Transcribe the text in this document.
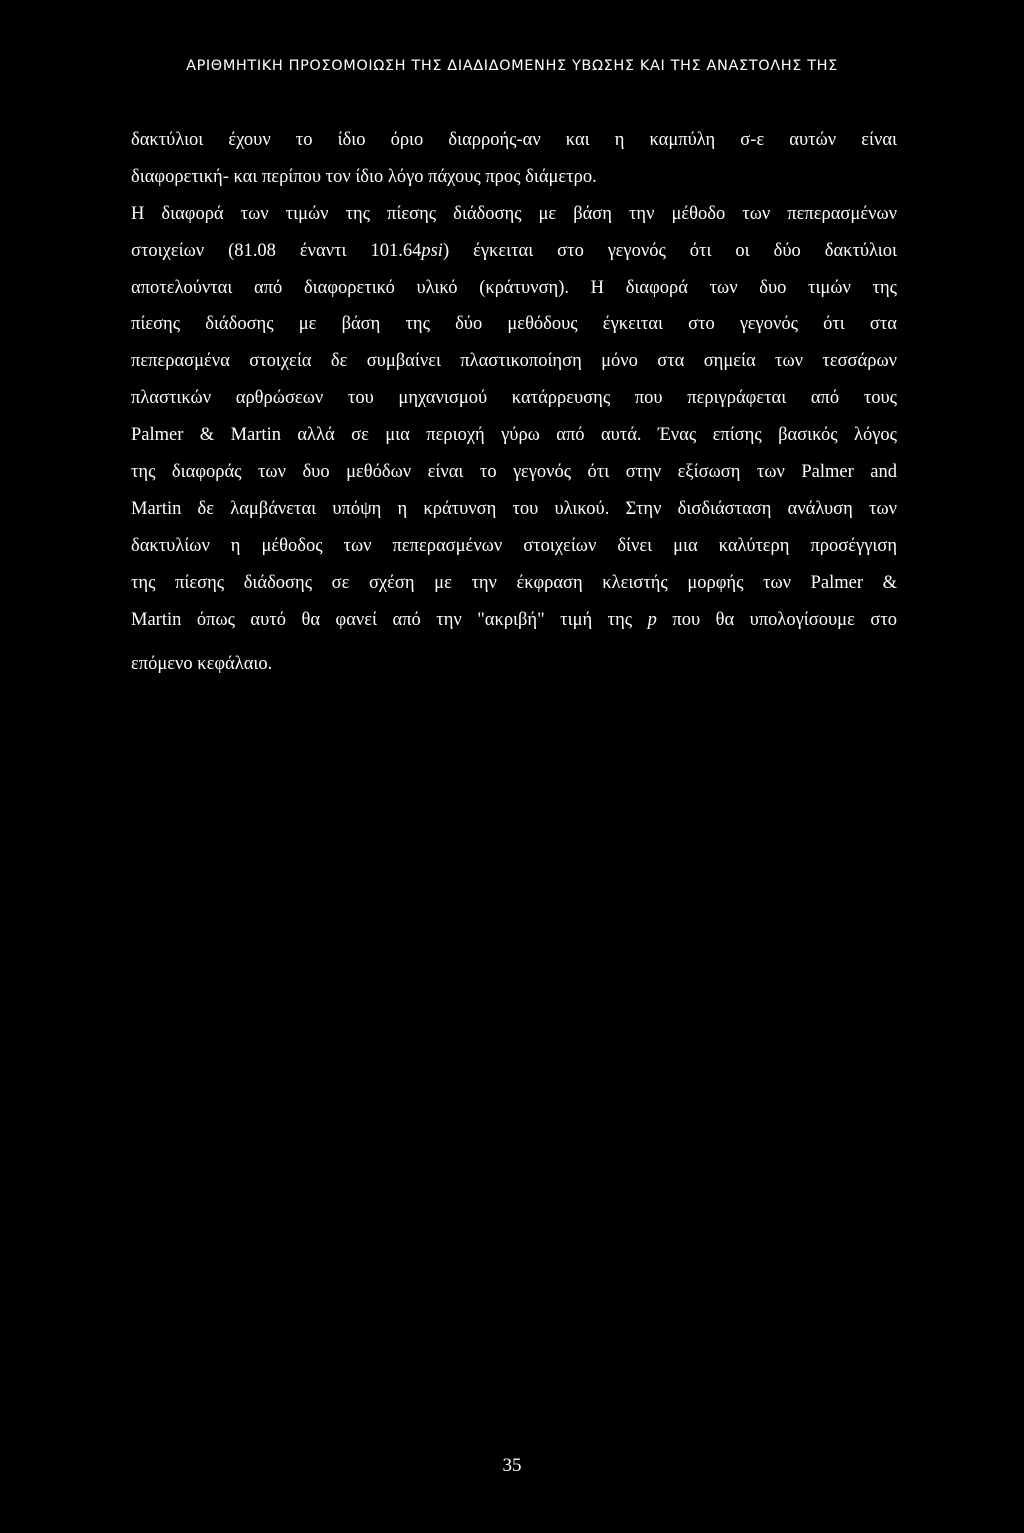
ΑΡΙΘΜΗΤΙΚΗ ΠΡΟΣΟΜΟΙΩΣΗ ΤΗΣ ΔΙΑΔΙΔΟΜΕΝΗΣ ΥΒΩΣΗΣ ΚΑΙ ΤΗΣ ΑΝΑΣΤΟΛΗΣ ΤΗΣ
δακτύλιοι έχουν το ίδιο όριο διαρροής-αν και η καμπύλη σ-ε αυτών είναι
διαφορετική- και περίπου τον ίδιο λόγο πάχους προς διάμετρο.
Η διαφορά των τιμών της πίεσης διάδοσης με βάση την μέθοδο των πεπερασμένων
στοιχείων (81.08 έναντι 101.64psi) έγκειται στο γεγονός ότι οι δύο δακτύλιοι
αποτελούνται από διαφορετικό υλικό (κράτυνση). Η διαφορά των δυο τιμών της
πίεσης διάδοσης με βάση της δύο μεθόδους έγκειται στο γεγονός ότι στα
πεπερασμένα στοιχεία δε συμβαίνει πλαστικοποίηση μόνο στα σημεία των τεσσάρων
πλαστικών αρθρώσεων του μηχανισμού κατάρρευσης που περιγράφεται από τους
Palmer & Martin αλλά σε μια περιοχή γύρω από αυτά. Ένας επίσης βασικός λόγος
της διαφοράς των δυο μεθόδων είναι το γεγονός ότι στην εξίσωση των Palmer and
Martin δε λαμβάνεται υπόψη η κράτυνση του υλικού. Στην δισδιάσταση ανάλυση των
δακτυλίων η μέθοδος των πεπερασμένων στοιχείων δίνει μια καλύτερη προσέγγιση
της πίεσης διάδοσης σε σχέση με την έκφραση κλειστής μορφής των Palmer &
Martin όπως αυτό θα φανεί από την "ακριβή" τιμή της p που θα υπολογίσουμε στο
επόμενο κεφάλαιο.
35
